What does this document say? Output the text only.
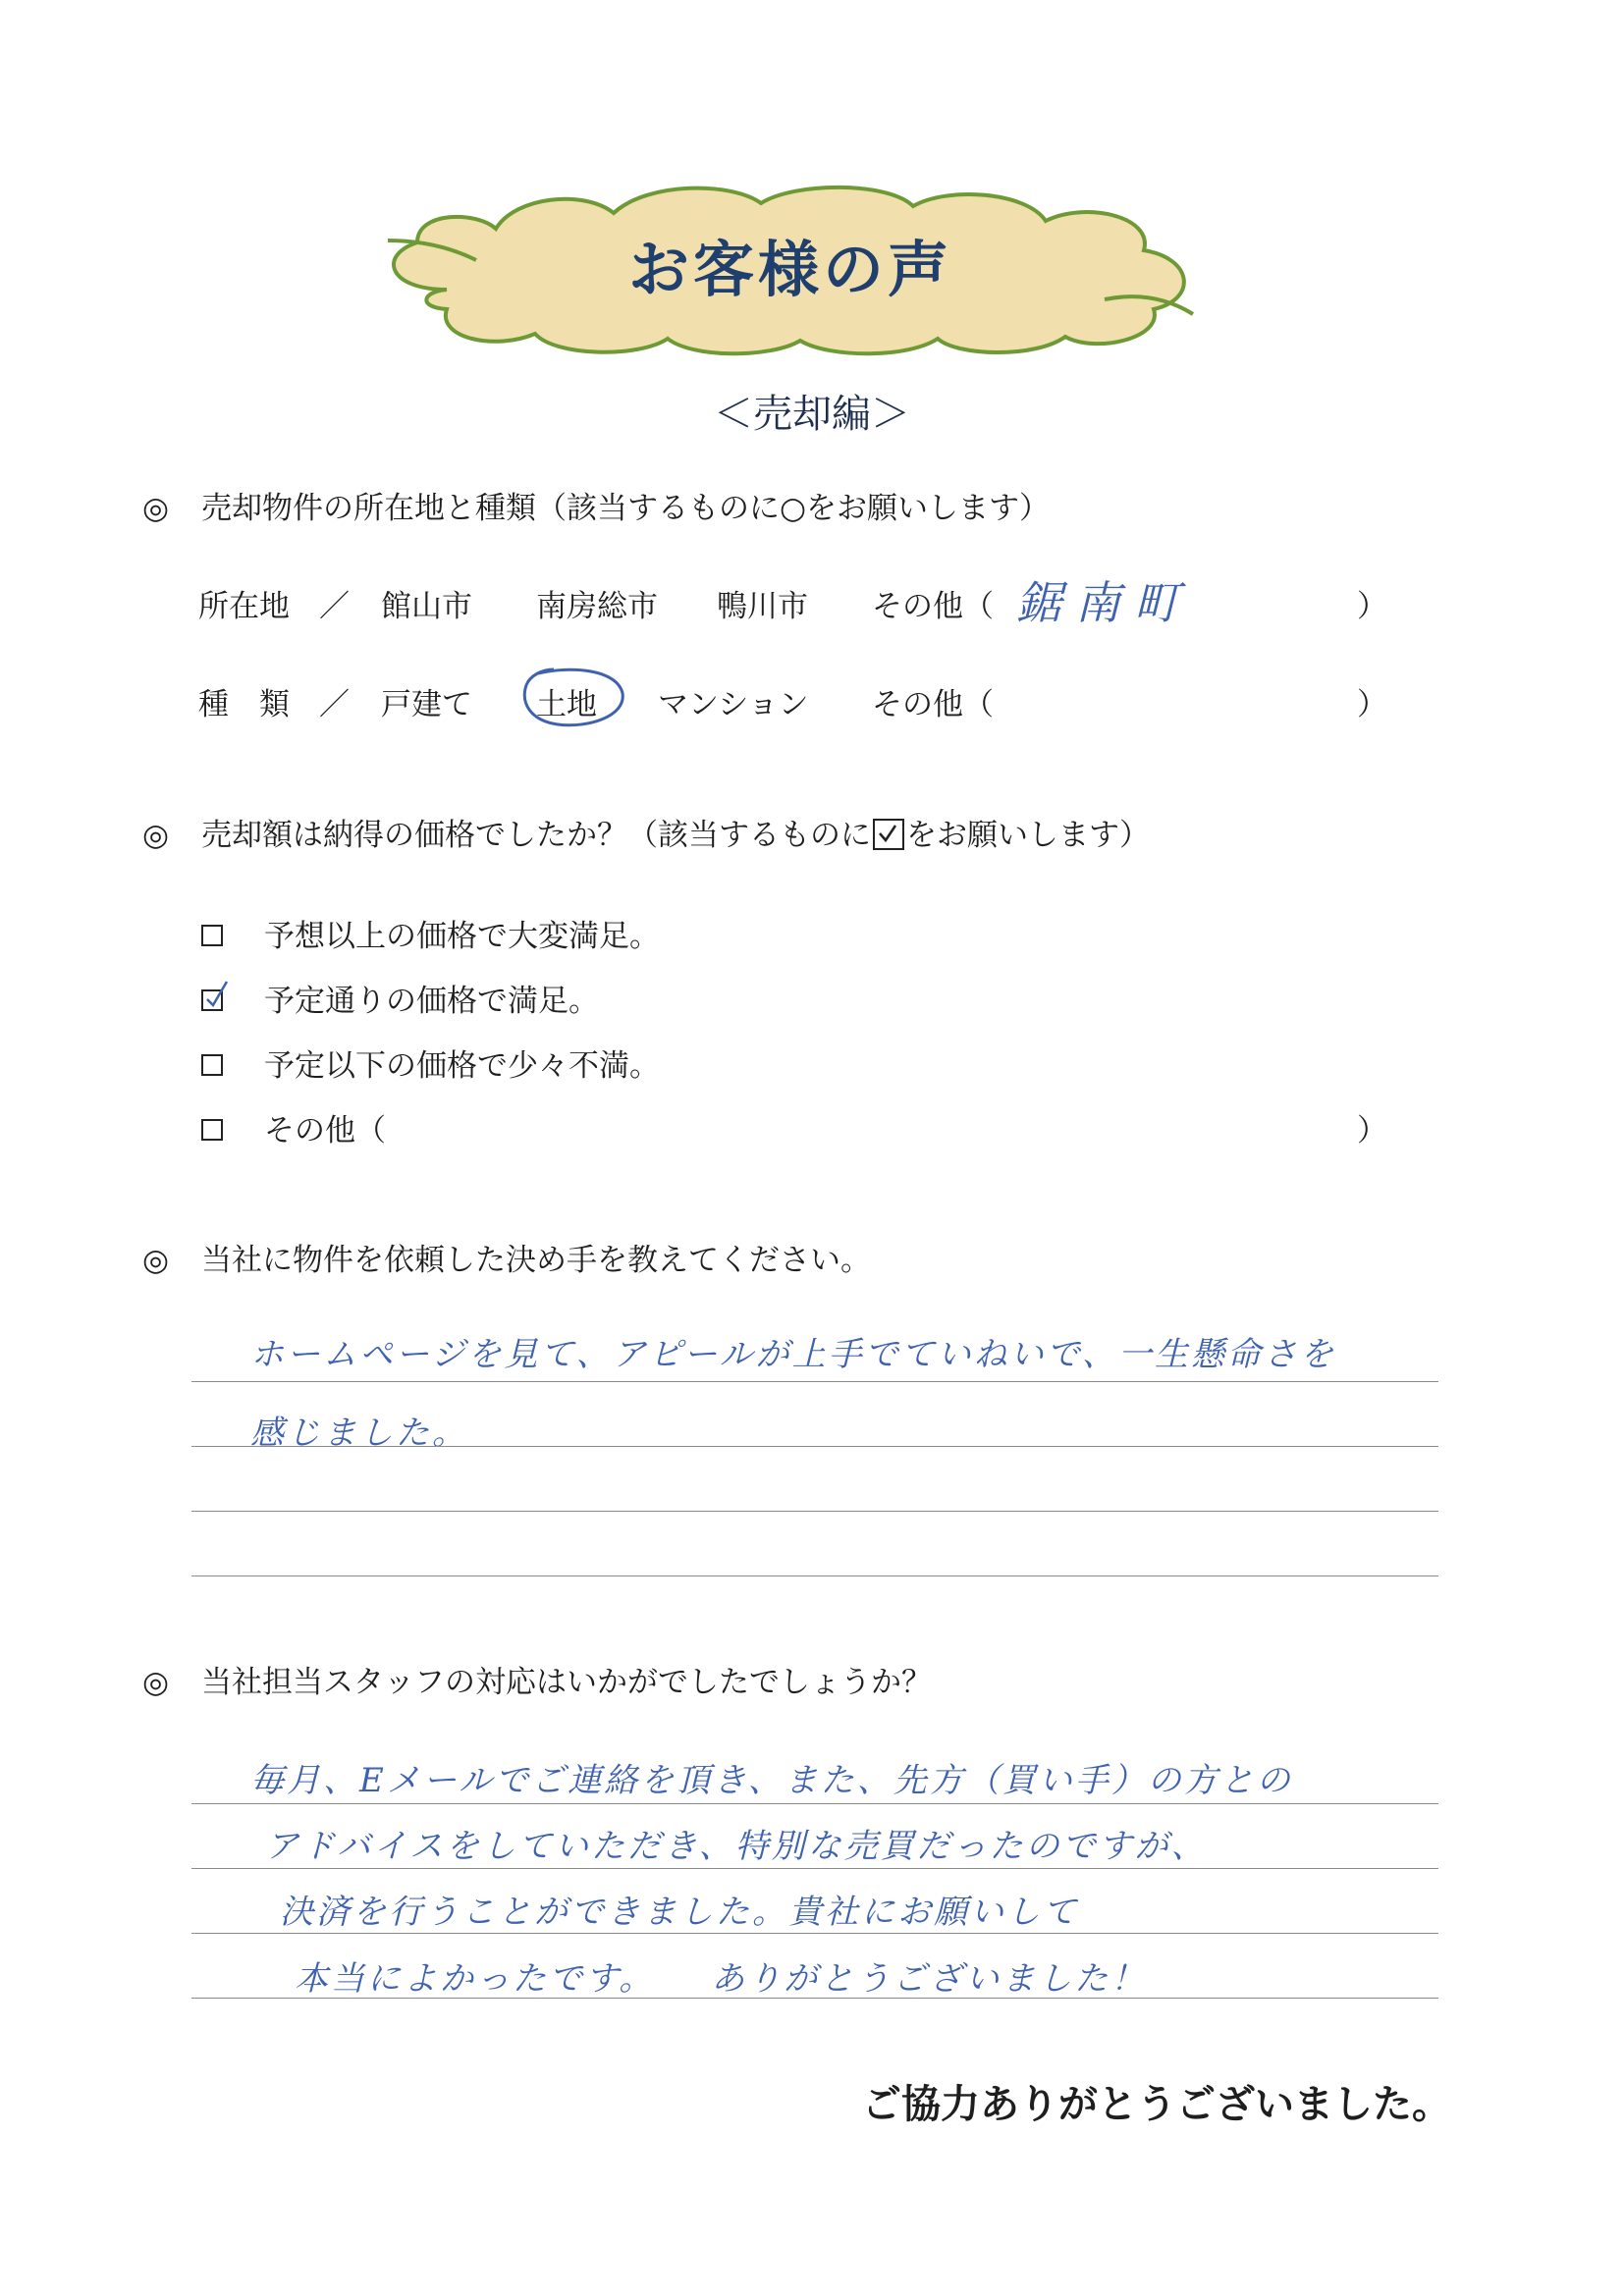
お客様の声
＜売却編＞
◎ 売却物件の所在地と種類（該当するものに○をお願いします）
所在地 ／ 館山市 南房総市 鴨川市 その他（ 鋸南町	）
種　類 ／ 戸建て 土地 マンション その他（	）
◎ 売却額は納得の価格でしたか？（該当するものに をお願いします）
予想以上の価格で大変満足。
予定通りの価格で満足。
予定以下の価格で少々不満。
その他（	）
◎ 当社に物件を依頼した決め手を教えてください。
ホームページを見て、アピールが上手でていねいで、一生懸命さを
感じました。
◎ 当社担当スタッフの対応はいかがでしたでしょうか？
毎月、Eメールでご連絡を頂き、また、先方（買い手）の方との
アドバイスをしていただき、特別な売買だったのですが、
決済を行うことができました。貴社にお願いして
本当によかったです。　　ありがとうございました！
ご協力ありがとうございました。
